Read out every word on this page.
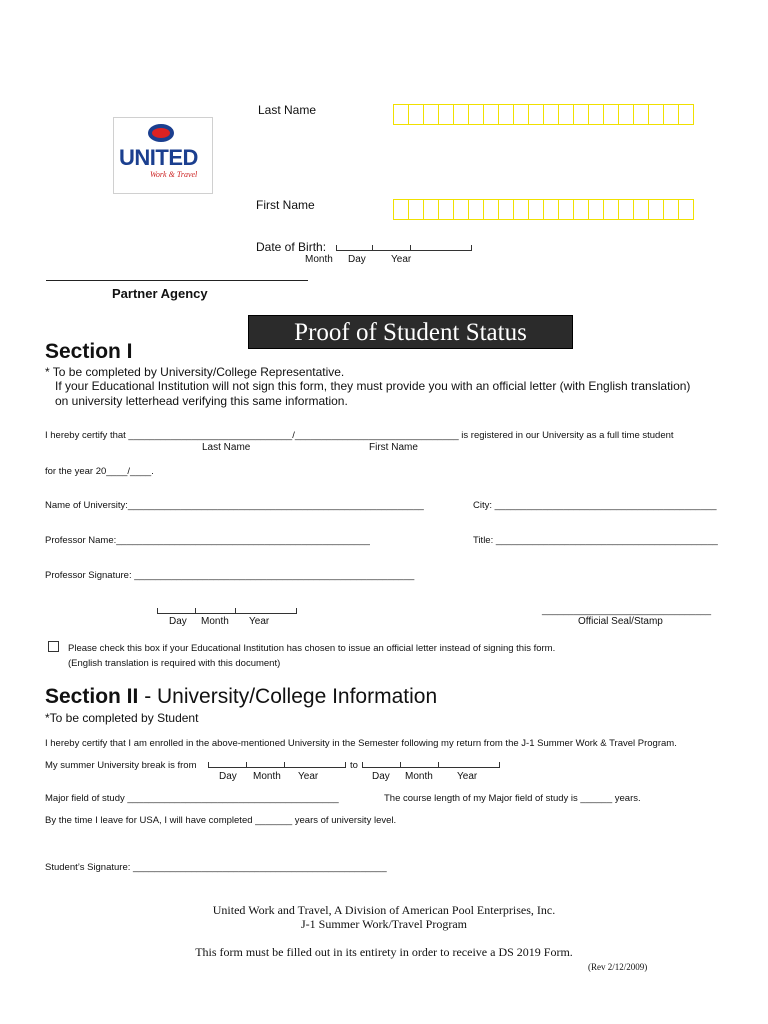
Last Name
UNITED
Work & Travel
First Name
Date of Birth:
Month Day	Year
Partner Agency
Proof of Student Status
Section I
* To be completed by University/College Representative.
If your Educational Institution will not sign this form, they must provide you with an official letter (with English translation)
on university letterhead verifying this same information.
I hereby certify that _______________________________/_______________________________ is registered in our University as a full time student
Last Name	First Name
for the year 20____/____.
Name of University:________________________________________________________	City: __________________________________________
Professor Name:________________________________________________	Title: __________________________________________
Professor Signature: _____________________________________________________
Day Month Year
________________________________
Official Seal/Stamp
Please check this box if your Educational Institution has chosen to issue an official letter instead of signing this form.
(English translation is required with this document)
Section II - University/College Information
*To be completed by Student
I hereby certify that I am enrolled in the above-mentioned University in the Semester following my return from the J-1 Summer Work & Travel Program.
My summer University break is from
Day Month Year
to
Day Month Year
Major field of study ________________________________________	The course length of my Major field of study is ______ years.
By the time I leave for USA, I will have completed _______ years of university level.
Student’s Signature: ________________________________________________
United Work and Travel, A Division of American Pool Enterprises, Inc.
J-1 Summer Work/Travel Program
This form must be filled out in its entirety in order to receive a DS 2019 Form.
(Rev 2/12/2009)
